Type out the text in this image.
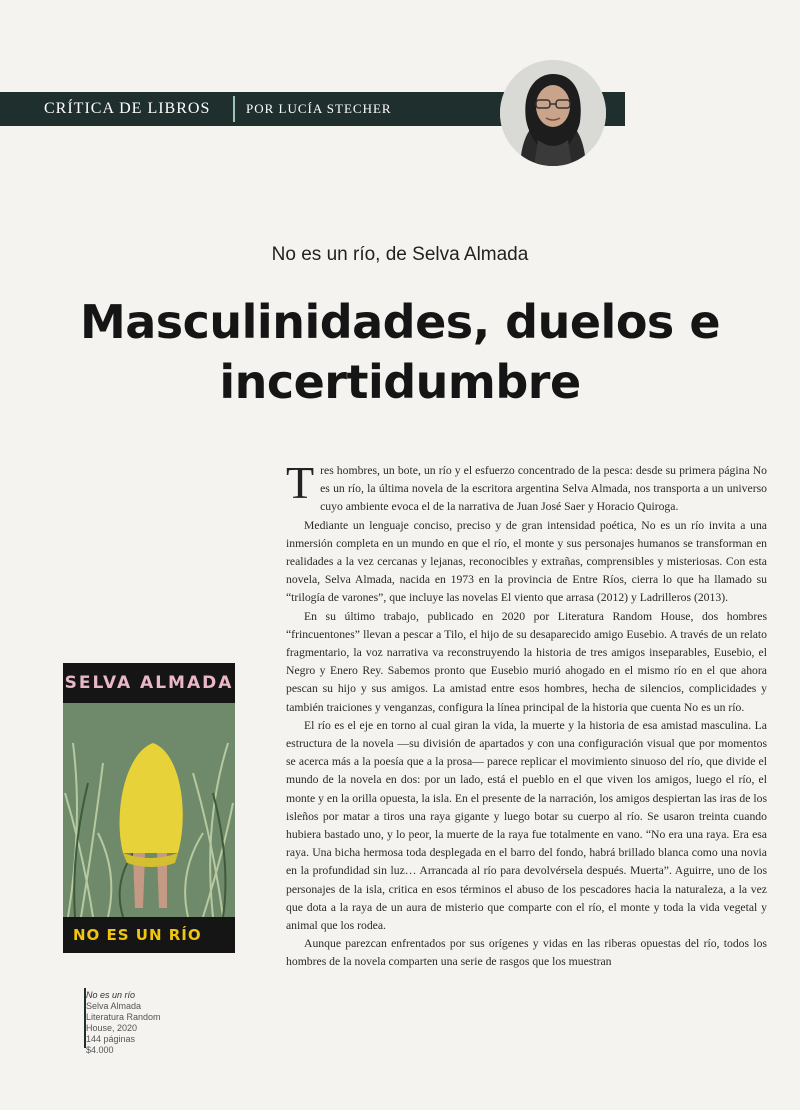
CRÍTICA DE LIBROS	POR LUCÍA STECHER
No es un río, de Selva Almada
Masculinidades, duelos e incertidumbre

Tres hombres, un bote, un río y el esfuerzo concentrado de la pesca: desde su primera página No es un río, la última novela de la escritora argentina Selva Almada, nos transporta a un universo cuyo ambiente evoca el de la narrativa de Juan José Saer y Horacio Quiroga.

Mediante un lenguaje conciso, preciso y de gran intensidad poética, No es un río invita a una inmersión completa en un mundo en que el río, el monte y sus personajes humanos se transforman en realidades a la vez cercanas y lejanas, reconocibles y extrañas, comprensibles y misteriosas. Con esta novela, Selva Almada, nacida en 1973 en la provincia de Entre Ríos, cierra lo que ha llamado su “trilogía de varones”, que incluye las novelas El viento que arrasa (2012) y Ladrilleros (2013).

En su último trabajo, publicado en 2020 por Literatura Random House, dos hombres “frincuentones” llevan a pescar a Tilo, el hijo de su desaparecido amigo Eusebio. A través de un relato fragmentario, la voz narrativa va reconstruyendo la historia de tres amigos inseparables, Eusebio, el Negro y Enero Rey. Sabemos pronto que Eusebio murió ahogado en el mismo río en el que ahora pescan su hijo y sus amigos. La amistad entre esos hombres, hecha de silencios, complicidades y también traiciones y venganzas, configura la línea principal de la historia que cuenta No es un río.

El río es el eje en torno al cual giran la vida, la muerte y la historia de esa amistad masculina. La estructura de la novela —su división de apartados y con una configuración visual que por momentos se acerca más a la poesía que a la prosa— parece replicar el movimiento sinuoso del río, que divide el mundo de la novela en dos: por un lado, está el pueblo en el que viven los amigos, luego el río, el monte y en la orilla opuesta, la isla. En el presente de la narración, los amigos despiertan las iras de los isleños por matar a tiros una raya gigante y luego botar su cuerpo al río. Se usaron treinta cuando hubiera bastado uno, y lo peor, la muerte de la raya fue totalmente en vano. “No era una raya. Era esa raya. Una bicha hermosa toda desplegada en el barro del fondo, habrá brillado blanca como una novia en la profundidad sin luz… Arrancada al río para devolvérsela después. Muerta”. Aguirre, uno de los personajes de la isla, critica en esos términos el abuso de los pescadores hacia la naturaleza, a la vez que dota a la raya de un aura de misterio que comparte con el río, el monte y toda la vida vegetal y animal que los rodea.

Aunque parezcan enfrentados por sus orígenes y vidas en las riberas opuestas del río, todos los hombres de la novela comparten una serie de rasgos que los muestran

SELVA ALMADA
NO ES UN RÍO
No es un río
Selva Almada
Literatura Random
House, 2020
144 páginas
$4.000
